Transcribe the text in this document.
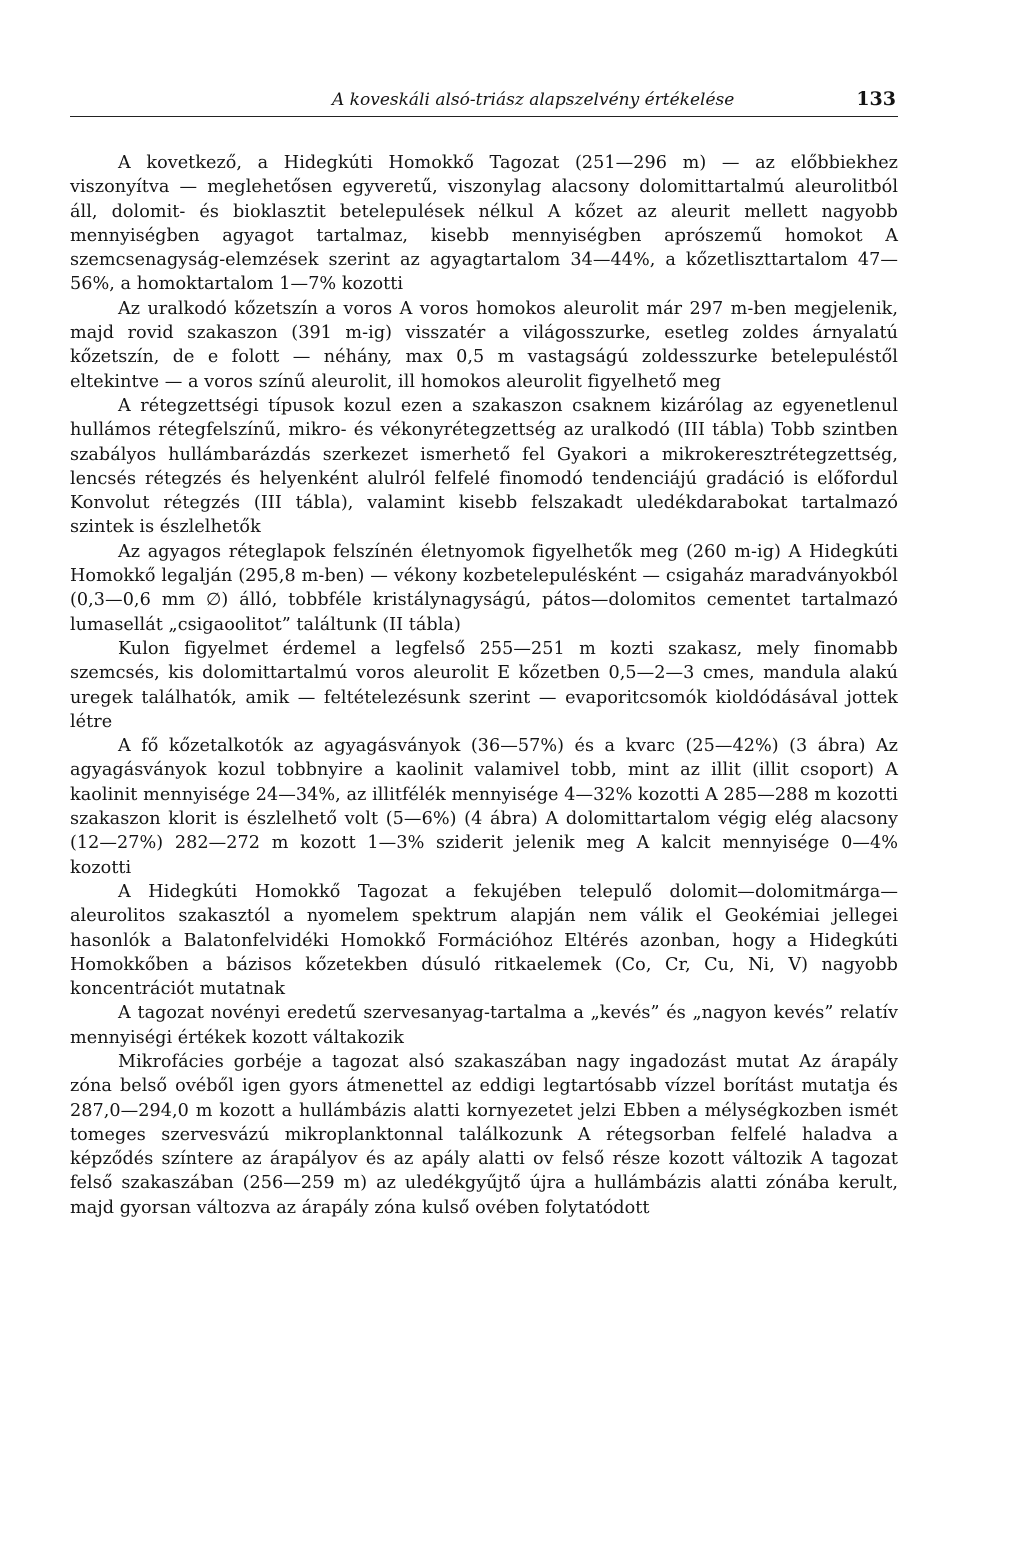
A koveskáli alsó-triász alapszelvény értékelése	133

A kovetkező, a Hidegkúti Homokkő Tagozat (251—296 m) — az előbbiekhez viszonyítva — meglehetősen egyveretű, viszonylag alacsony dolomittartalmú aleurolitból áll, dolomit- és bioklasztit betelepulések nélkul A kőzet az aleurit mellett nagyobb mennyiségben agyagot tartalmaz, kisebb mennyiségben aprószemű homokot A szemcsenagyság-elemzések szerint az agyagtartalom 34—44%, a kőzetliszttartalom 47—56%, a homoktartalom 1—7% kozotti

Az uralkodó kőzetszín a voros A voros homokos aleurolit már 297 m-ben megjelenik, majd rovid szakaszon (391 m-ig) visszatér a világosszurke, esetleg zoldes árnyalatú kőzetszín, de e folott — néhány, max 0,5 m vastagságú zoldesszurke betelepuléstől eltekintve — a voros színű aleurolit, ill homokos aleurolit figyelhető meg

A rétegzettségi típusok kozul ezen a szakaszon csaknem kizárólag az egyenetlenul hullámos rétegfelszínű, mikro- és vékonyrétegzettség az uralkodó (III tábla) Tobb szintben szabályos hullámbarázdás szerkezet ismerhető fel Gyakori a mikrokeresztrétegzettség, lencsés rétegzés és helyenként alulról felfelé finomodó tendenciájú gradáció is előfordul Konvolut rétegzés (III tábla), valamint kisebb felszakadt uledékdarabokat tartalmazó szintek is észlelhetők

Az agyagos réteglapok felszínén életnyomok figyelhetők meg (260 m-ig) A Hidegkúti Homokkő legalján (295,8 m-ben) — vékony kozbetelepulésként — csigaház maradványokból (0,3—0,6 mm ∅) álló, tobbféle kristálynagyságú, pátos—dolomitos cementet tartalmazó lumasellát „csigaoolitot” találtunk (II tábla)

Kulon figyelmet érdemel a legfelső 255—251 m kozti szakasz, mely finomabb szemcsés, kis dolomittartalmú voros aleurolit E kőzetben 0,5—2—3 cmes, mandula alakú uregek találhatók, amik — feltételezésunk szerint — evaporitcsomók kioldódásával jottek létre

A fő kőzetalkotók az agyagásványok (36—57%) és a kvarc (25—42%) (3 ábra) Az agyagásványok kozul tobbnyire a kaolinit valamivel tobb, mint az illit (illit csoport) A kaolinit mennyisége 24—34%, az illitfélék mennyisége 4—32% kozotti A 285—288 m kozotti szakaszon klorit is észlelhető volt (5—6%) (4 ábra) A dolomittartalom végig elég alacsony (12—27%) 282—272 m kozott 1—3% sziderit jelenik meg A kalcit mennyisége 0—4% kozotti

A Hidegkúti Homokkő Tagozat a fekujében telepulő dolomit—dolomitmárga—aleurolitos szakasztól a nyomelem spektrum alapján nem válik el Geokémiai jellegei hasonlók a Balatonfelvidéki Homokkő Formációhoz Eltérés azonban, hogy a Hidegkúti Homokkőben a bázisos kőzetekben dúsuló ritkaelemek (Co, Cr, Cu, Ni, V) nagyobb koncentrációt mutatnak

A tagozat novényi eredetű szervesanyag-tartalma a „kevés” és „nagyon kevés” relatív mennyiségi értékek kozott váltakozik

Mikrofácies gorbéje a tagozat alsó szakaszában nagy ingadozást mutat Az árapály zóna belső ovéből igen gyors átmenettel az eddigi legtartósabb vízzel borítást mutatja és 287,0—294,0 m kozott a hullámbázis alatti kornyezetet jelzi Ebben a mélységkozben ismét tomeges szervesvázú mikroplanktonnal találkozunk A rétegsorban felfelé haladva a képződés színtere az árapályov és az apály alatti ov felső része kozott változik A tagozat felső szakaszában (256—259 m) az uledékgyűjtő újra a hullámbázis alatti zónába kerult, majd gyorsan változva az árapály zóna kulső ovében folytatódott
